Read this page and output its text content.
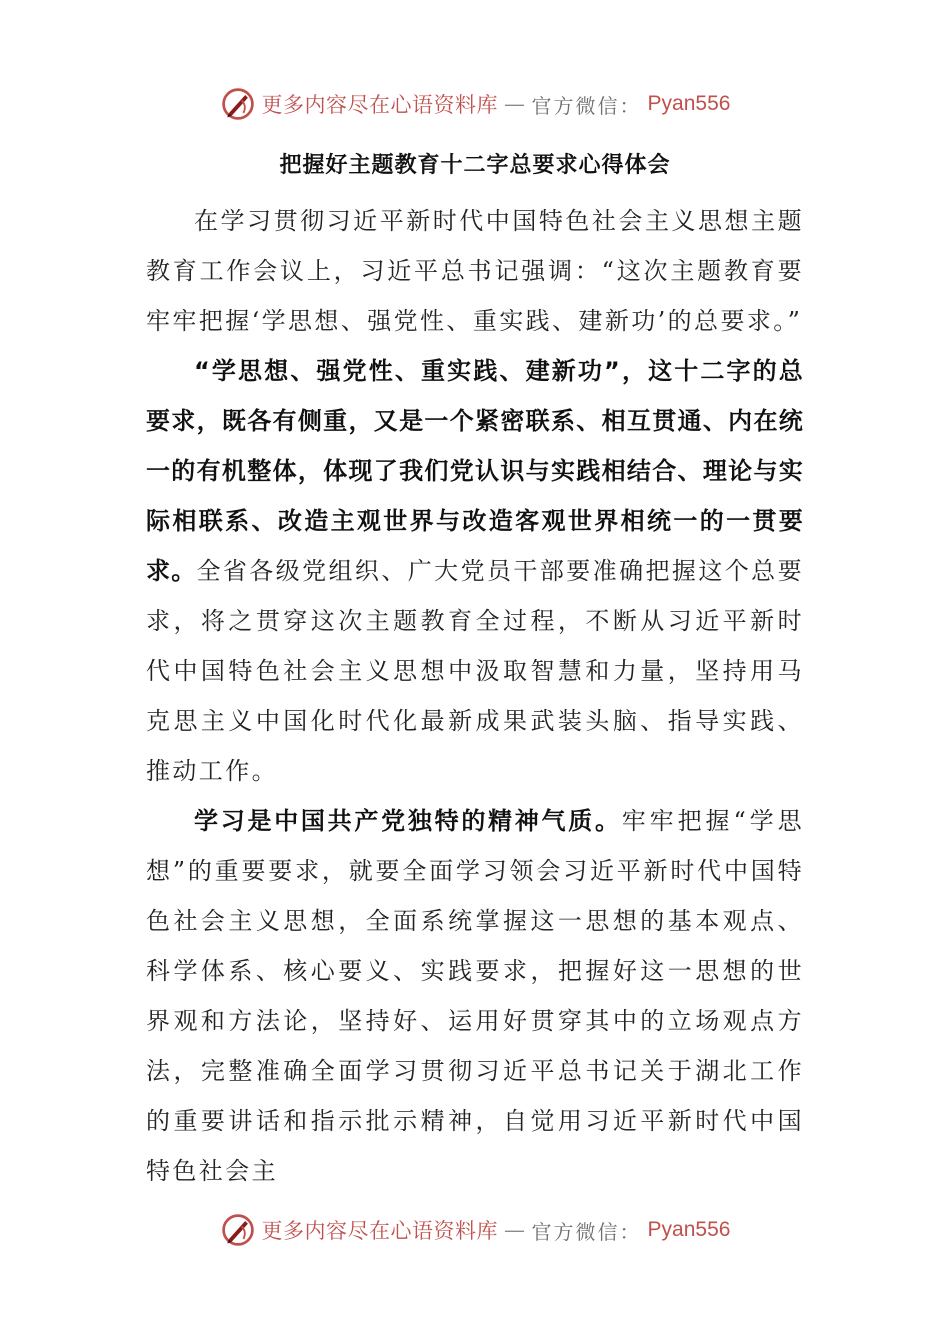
更多内容尽在心语资料库 — 官方微信： Pyan556
把握好主题教育十二字总要求心得体会

在学习贯彻习近平新时代中国特色社会主义思想主题教育工作会议上，习近平总书记强调：“这次主题教育要牢牢把握‘学思想、强党性、重实践、建新功’的总要求。”

“学思想、强党性、重实践、建新功”，这十二字的总要求，既各有侧重，又是一个紧密联系、相互贯通、内在统一的有机整体，体现了我们党认识与实践相结合、理论与实际相联系、改造主观世界与改造客观世界相统一的一贯要求。全省各级党组织、广大党员干部要准确把握这个总要求，将之贯穿这次主题教育全过程，不断从习近平新时代中国特色社会主义思想中汲取智慧和力量，坚持用马克思主义中国化时代化最新成果武装头脑、指导实践、推动工作。

学习是中国共产党独特的精神气质。牢牢把握“学思想”的重要要求，就要全面学习领会习近平新时代中国特色社会主义思想，全面系统掌握这一思想的基本观点、科学体系、核心要义、实践要求，把握好这一思想的世界观和方法论，坚持好、运用好贯穿其中的立场观点方法，完整准确全面学习贯彻习近平总书记关于湖北工作的重要讲话和指示批示精神，自觉用习近平新时代中国特色社会主

更多内容尽在心语资料库 — 官方微信： Pyan556
